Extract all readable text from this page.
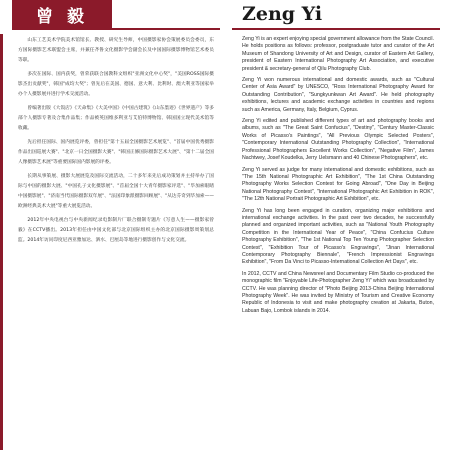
曾 毅

山东工艺美术学院美术馆馆长、教授、研究生导师，中国摄影家协会策展委员会委员，东方国际摄影艺术联盟会主席，并兼任齐鲁文化摄影学会副会长及中国国际摄影博物馆艺术委员等职。

多次在国际、国内获奖，曾荣获联合国教科文组织"亚洲文化中心奖"，"美国ROSS国际摄影杰出贡献奖"，韩国"成均大奖"；曾先后在美国、德国、意大利、比利时、澳大利亚等国家举办个人摄影展并进行学术交流活动。

曾编著出版《大饭店》《天命集》《大美中国》《中国古建筑》《山东墨迹》《世界遗产》等多部个人摄影专著及合集作品集；作品被英国维多利亚与艾伯特博物馆、韩国国立现代美术馆等收藏。

先后担任国际、国内展览评委，曾担任"第十五届全国摄影艺术展览"、"首届中国优秀摄影作品出国巡展大赛"、"北京一日全国摄影大赛"、"韩国正修国际摄影艺术大展"、"第十二届全国人像摄影艺术展"等重要国际国内影展的评委。

长期从事策展、摄影大展展览及国际交流活动，二十多年来先后成功策划并主持举办了国际与中国的摄影大展、"中国孔子文化摄影展"、"首届全国十大青年摄影家评选"、"毕加索眼睛中国摄影展"、"济南当代国际摄影双年展"、"法国印象派摄影回顾展"、"从达芬奇到毕加索——欧洲经典美术大展"等重大展览活动。

2012年中央电视台与中央新闻纪录电影制片厂联合摄制专题片《写意人生——摄影家曾毅》在CCTV播出。2013年担任由中国文化部与北京国际组织主办的北京国际摄影周策划总监。2014年访问印度尼西亚雅加达、泗水、巴厘岛等地进行摄影创作与文化交流。

Zeng Yi

Zeng Yi is an expert enjoying special government allowance from the State Council. He holds positions as follows: professor, postgraduate tutor and curator of the Art Museum of Shandong University of Art and Design, curator of Eastern Art Gallery, president of Eastern International Photography Art Association, and executive president & secretary-general of Qilu Photography Club.

Zeng Yi won numerous international and domestic awards, such as "Cultural Center of Asia Award" by UNESCO, "Ross International Photography Award for Outstanding Contribution", "Sungkyunkwan Art Award". He held photography exhibitions, lectures and academic exchange activities in countries and regions such as America, Germany, Italy, Belgium, Cyprus.

Zeng Yi edited and published different types of art and photography books and albums, such as "The Great Saint Confucius", "Destiny", "Century Master-Classic Works of Picasso's Paintings", "All Previous Olympic Selected Posters", "Contemporary International Outstanding Photography Collection", "International Professional Photographers Excellent Works Collection", "Negative Film", James Nachtwey, Josef Koudelka, Jerry Uelsmann and 40 Chinese Photographers", etc.

Zeng Yi served as judge for many international and domestic exhibitions, such as "The 15th National Photographic Art Exhibition", "The 1st China Outstanding Photography Works Selection Contest for Going Abroad", "One Day in Beijing National Photography Contest", "International Photographic Art Exhibition in ROK", "The 12th National Portrait Photographic Art Exhibition", etc.

Zeng Yi has long been engaged in curation, organizing major exhibitions and international exchange activities. In the past over two decades, he successfully planned and organized important activities, such as "National Youth Photography Competition in the International Year of Peace", "China Confucius Culture Photography Exhibition", "The 1st National Top Ten Young Photographer Selection Contest", "Exhibition Tour of Picasso's Engravings", "Jinan International Contemporary Photography Biennale", "French Impressionist Engravings Exhibition", "From Da Vinci to Picasso-International Collection Art Days", etc.

In 2012, CCTV and China Newsreel and Documentary Film Studio co-produced the monographic film "Enjoyable Life-Photographer Zeng Yi" which was broadcasted by CCTV. He was planning director of "Photo Beijing 2013-China Beijing International Photography Week". He was invited by Ministry of Tourism and Creative Economy Republic of Indonesia to visit and make photography creation at Jakarta, Buton, Labuan Bajo, Lombok islands in 2014.
